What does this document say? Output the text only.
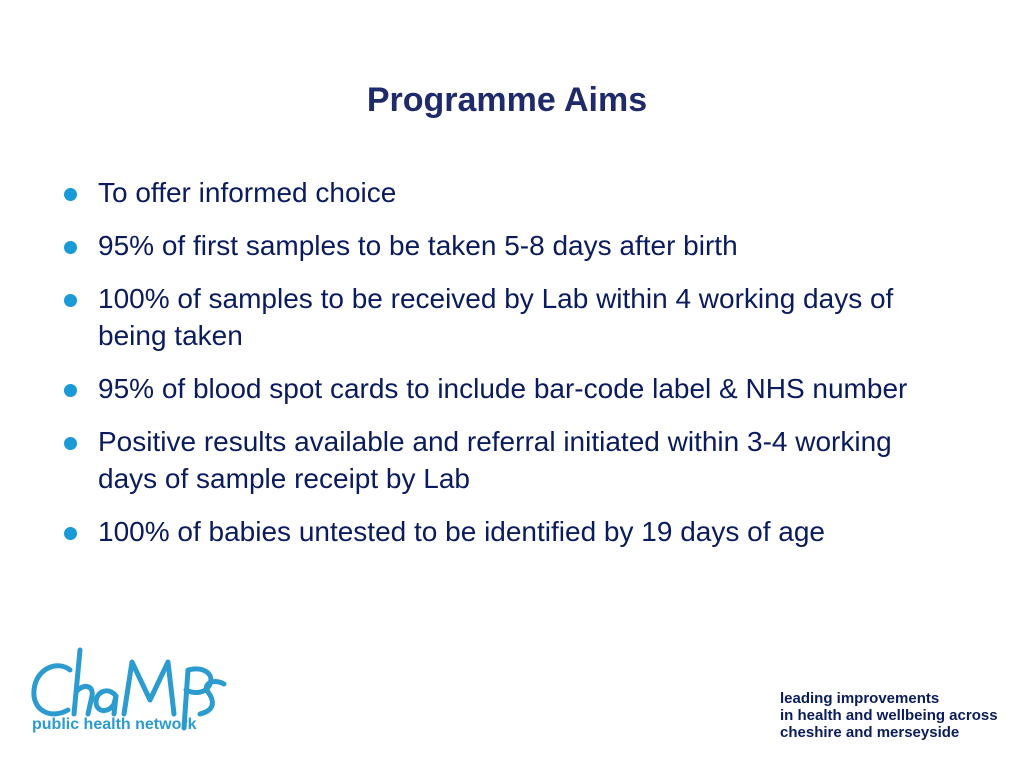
Programme Aims
To offer informed choice
95% of first samples to be taken 5-8 days after birth
100% of samples to be received by Lab within 4 working days of being taken
95% of blood spot cards to include bar-code label & NHS number
Positive results available and referral initiated within 3-4 working days of sample receipt by Lab
100% of babies untested to be identified by 19 days of age
public health network
leading improvements
in health and wellbeing across
cheshire and merseyside
